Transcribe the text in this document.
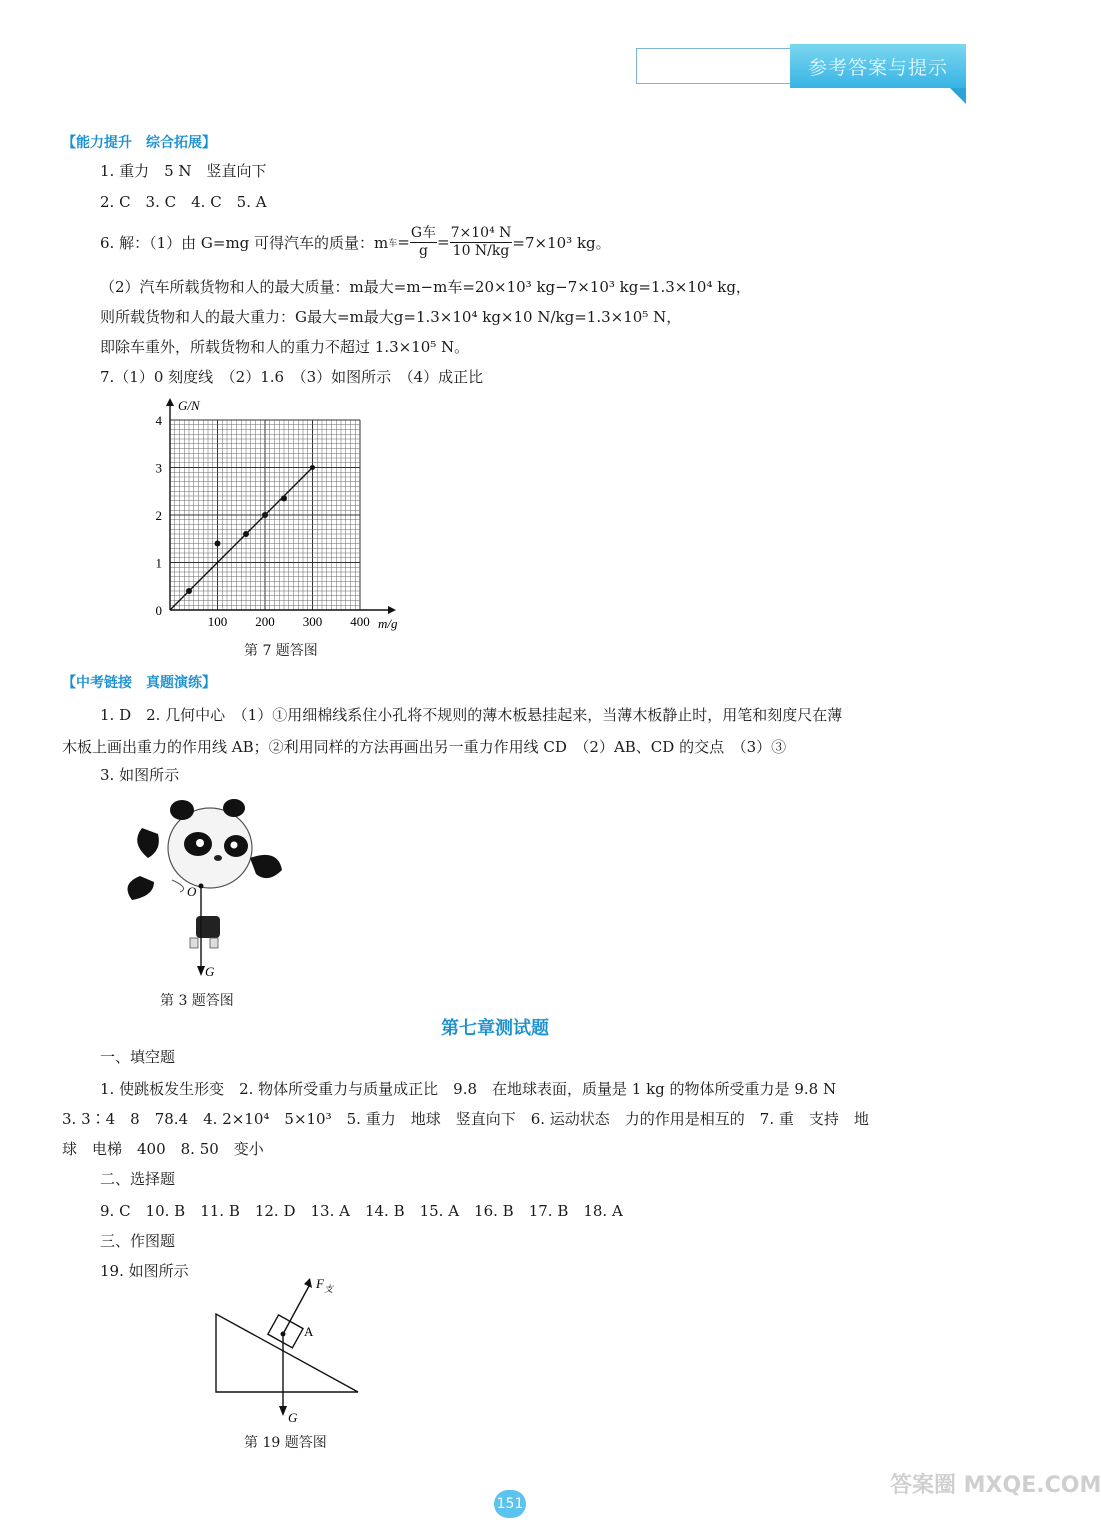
参考答案与提示
【能力提升　综合拓展】
1. 重力　5 N　竖直向下
2. C　3. C　4. C　5. A
6. 解：（1）由 G=mg 可得汽车的质量：m 车 = $\frac{\text{G车}}{g} = \frac{\text{7×10⁴ N}}{10 N/kg} =7\times 10^3$ kg。
（2）汽车所载货物和人的最大质量：m最大=m−m车=20×10³ kg−7×10³ kg=1.3×10⁴ kg，
则所载货物和人的最大重力：G最大=m最大g=1.3×10⁴ kg×10 N/kg=1.3×10⁵ N，
即除车重外，所载货物和人的重力不超过 1.3×10⁵ N。
7.（1）0 刻度线　（2）1.6　（3）如图所示　（4）成正比
100 200 300 400
0
1
2
3
4
m/g
G/N
第 7 题答图
【中考链接　真题演练】
1. D　2. 几何中心　（1）①用细棉线系住小孔将不规则的薄木板悬挂起来，当薄木板静止时，用笔和刻度尺在薄
木板上画出重力的作用线 AB；②利用同样的方法再画出另一重力作用线 CD　（2）AB、CD 的交点　（3）③
3. 如图所示
O
G
第 3 题答图
第七章测试题
一、填空题
1. 使跳板发生形变　2. 物体所受重力与质量成正比　9.8　在地球表面，质量是 1 kg 的物体所受重力是 9.8 N
3. 3∶4　8　78.4　4. 2×10⁴　5×10³　5. 重力　地球　竖直向下　6. 运动状态　力的作用是相互的　7. 重　支持　地
球　电梯　400　8. 50　变小
二、选择题
9. C　10. B　11. B　12. D　13. A　14. B　15. A　16. B　17. B　18. A
三、作图题
19. 如图所示
$F_支$
A
G
第 19 题答图
151
答案圈 MXQE.COM
